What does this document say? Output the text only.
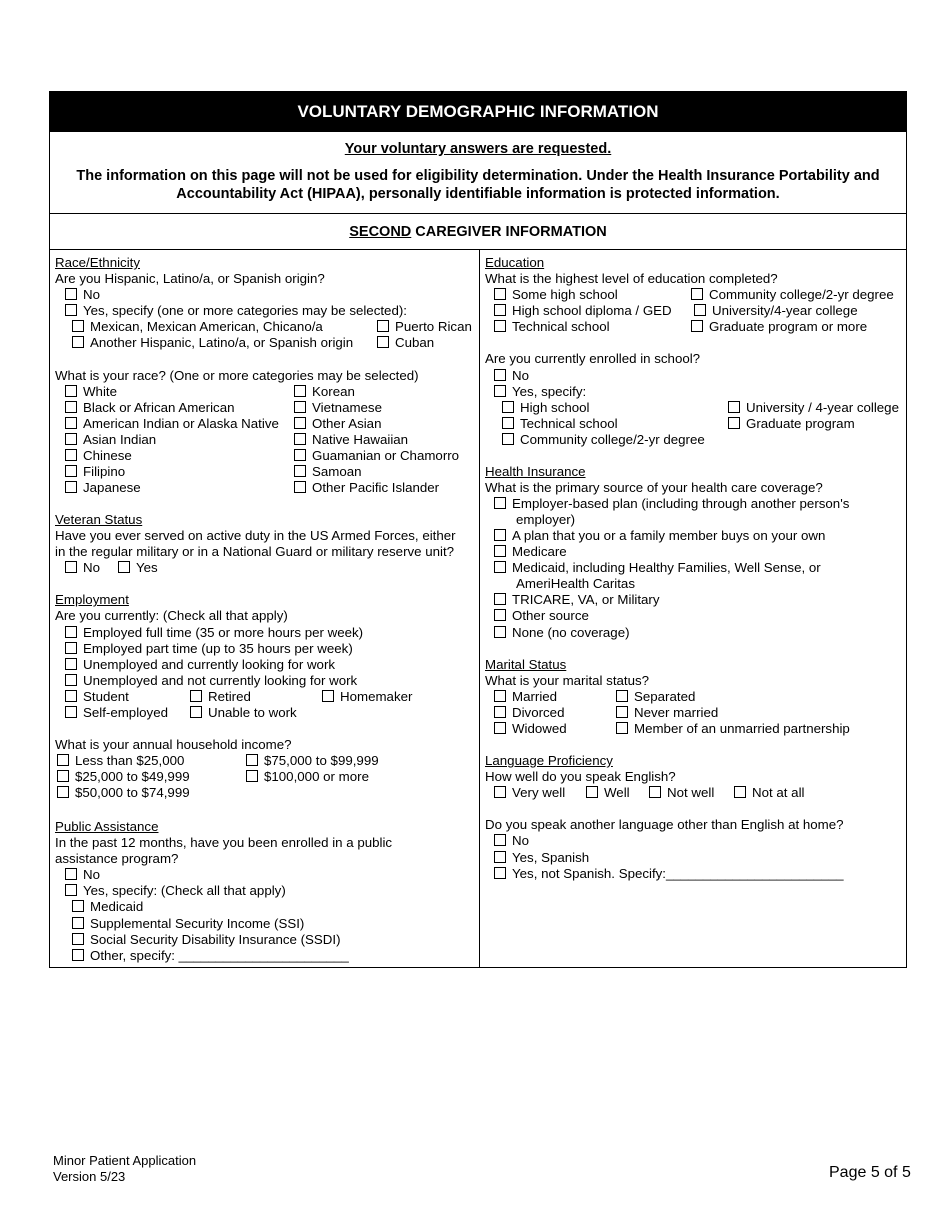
VOLUNTARY DEMOGRAPHIC INFORMATION
Your voluntary answers are requested.
The information on this page will not be used for eligibility determination. Under the Health Insurance Portability and Accountability Act (HIPAA), personally identifiable information is protected information.
SECOND CAREGIVER INFORMATION
Race/Ethnicity
Are you Hispanic, Latino/a, or Spanish origin?
No
Yes, specify (one or more categories may be selected):
Mexican, Mexican American, Chicano/a	Puerto Rican
Another Hispanic, Latino/a, or Spanish origin	Cuban
What is your race? (One or more categories may be selected)
White
Black or African American
American Indian or Alaska Native
Asian Indian
Chinese
Filipino
Japanese
Korean
Vietnamese
Other Asian
Native Hawaiian
Guamanian or Chamorro
Samoan
Other Pacific Islander
Veteran Status
Have you ever served on active duty in the US Armed Forces, either
in the regular military or in a National Guard or military reserve unit?
No	Yes
Employment
Are you currently: (Check all that apply)
Employed full time (35 or more hours per week)
Employed part time (up to 35 hours per week)
Unemployed and currently looking for work
Unemployed and not currently looking for work
Student	Retired	Homemaker
Self-employed	Unable to work
What is your annual household income?
Less than $25,000
$25,000 to $49,999
$50,000 to $74,999
$75,000 to $99,999
$100,000 or more
Public Assistance
In the past 12 months, have you been enrolled in a public
assistance program?
No
Yes, specify: (Check all that apply)
Medicaid
Supplemental Security Income (SSI)
Social Security Disability Insurance (SSDI)
Other, specify: _______________________
Education
What is the highest level of education completed?
Some high school	Community college/2-yr degree
High school diploma / GED	University/4-year college
Technical school	Graduate program or more
Are you currently enrolled in school?
No
Yes, specify:
High school	University / 4-year college
Technical school	Graduate program
Community college/2-yr degree
Health Insurance
What is the primary source of your health care coverage?
Employer-based plan (including through another person's
employer)
A plan that you or a family member buys on your own
Medicare
Medicaid, including Healthy Families, Well Sense, or
AmeriHealth Caritas
TRICARE, VA, or Military
Other source
None (no coverage)
Marital Status
What is your marital status?
Married	Separated
Divorced	Never married
Widowed	Member of an unmarried partnership
Language Proficiency
How well do you speak English?
Very well	Well	Not well	Not at all
Do you speak another language other than English at home?
No
Yes, Spanish
Yes, not Spanish. Specify:________________________
Minor Patient Application
Version 5/23	Page 5 of 5
